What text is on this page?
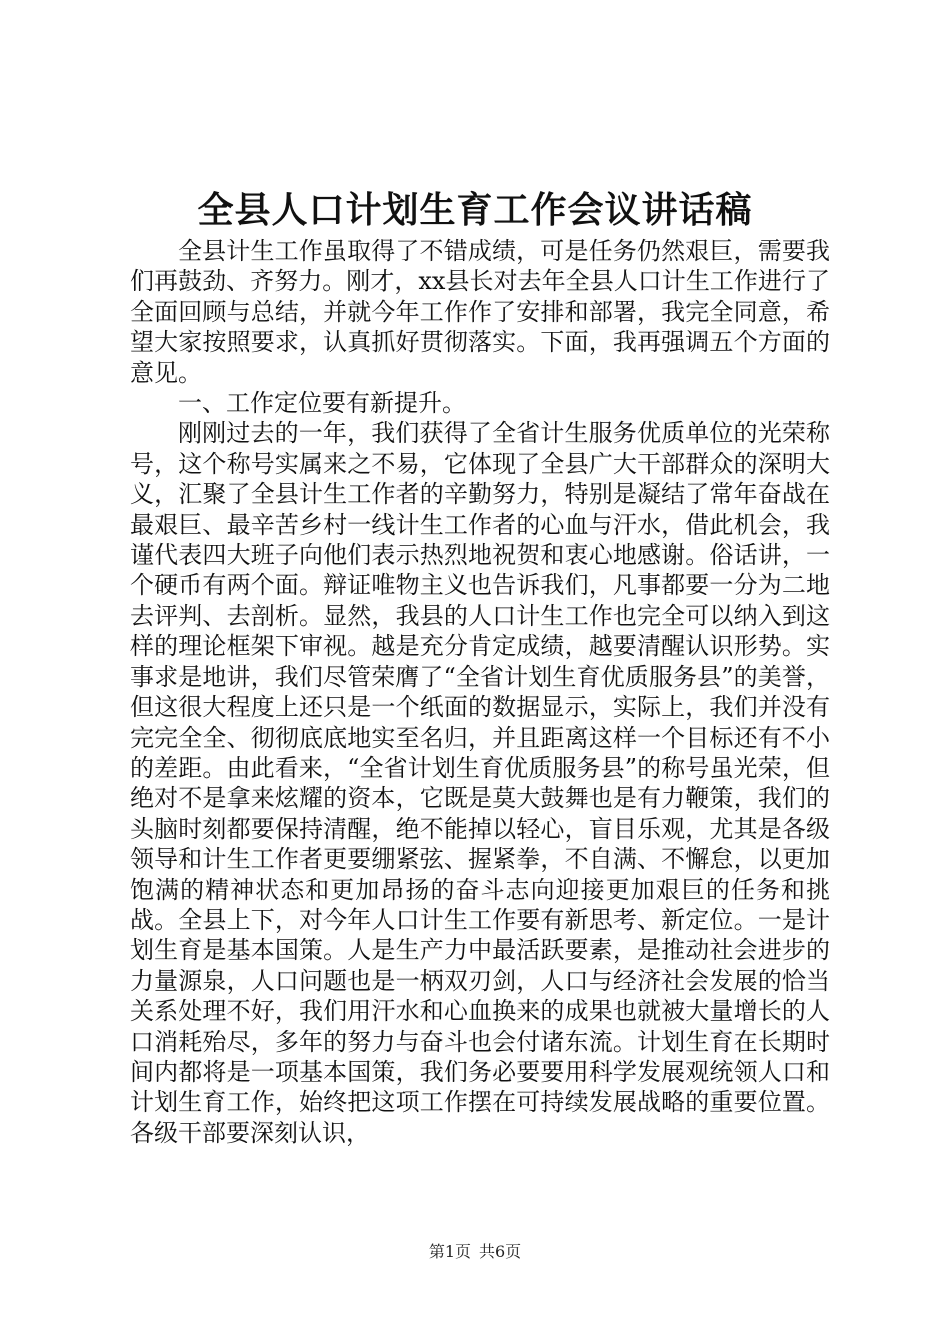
全县人口计划生育工作会议讲话稿

全县计生工作虽取得了不错成绩，可是任务仍然艰巨，需要我们再鼓劲、齐努力。刚才，xx县长对去年全县人口计生工作进行了全面回顾与总结，并就今年工作作了安排和部署，我完全同意，希望大家按照要求，认真抓好贯彻落实。下面，我再强调五个方面的意见。

一、工作定位要有新提升。

刚刚过去的一年，我们获得了全省计生服务优质单位的光荣称号，这个称号实属来之不易，它体现了全县广大干部群众的深明大义，汇聚了全县计生工作者的辛勤努力，特别是凝结了常年奋战在最艰巨、最辛苦乡村一线计生工作者的心血与汗水，借此机会，我谨代表四大班子向他们表示热烈地祝贺和衷心地感谢。俗话讲，一个硬币有两个面。辩证唯物主义也告诉我们，凡事都要一分为二地去评判、去剖析。显然，我县的人口计生工作也完全可以纳入到这样的理论框架下审视。越是充分肯定成绩，越要清醒认识形势。实事求是地讲，我们尽管荣膺了“全省计划生育优质服务县”的美誉，但这很大程度上还只是一个纸面的数据显示，实际上，我们并没有完完全全、彻彻底底地实至名归，并且距离这样一个目标还有不小的差距。由此看来，“全省计划生育优质服务县”的称号虽光荣，但绝对不是拿来炫耀的资本，它既是莫大鼓舞也是有力鞭策，我们的头脑时刻都要保持清醒，绝不能掉以轻心，盲目乐观，尤其是各级领导和计生工作者更要绷紧弦、握紧拳，不自满、不懈怠，以更加饱满的精神状态和更加昂扬的奋斗志向迎接更加艰巨的任务和挑战。全县上下，对今年人口计生工作要有新思考、新定位。一是计划生育是基本国策。人是生产力中最活跃要素，是推动社会进步的力量源泉，人口问题也是一柄双刃剑，人口与经济社会发展的恰当关系处理不好，我们用汗水和心血换来的成果也就被大量增长的人口消耗殆尽，多年的努力与奋斗也会付诸东流。计划生育在长期时间内都将是一项基本国策，我们务必要要用科学发展观统领人口和计划生育工作，始终把这项工作摆在可持续发展战略的重要位置。各级干部要深刻认识，

第1页 共6页
